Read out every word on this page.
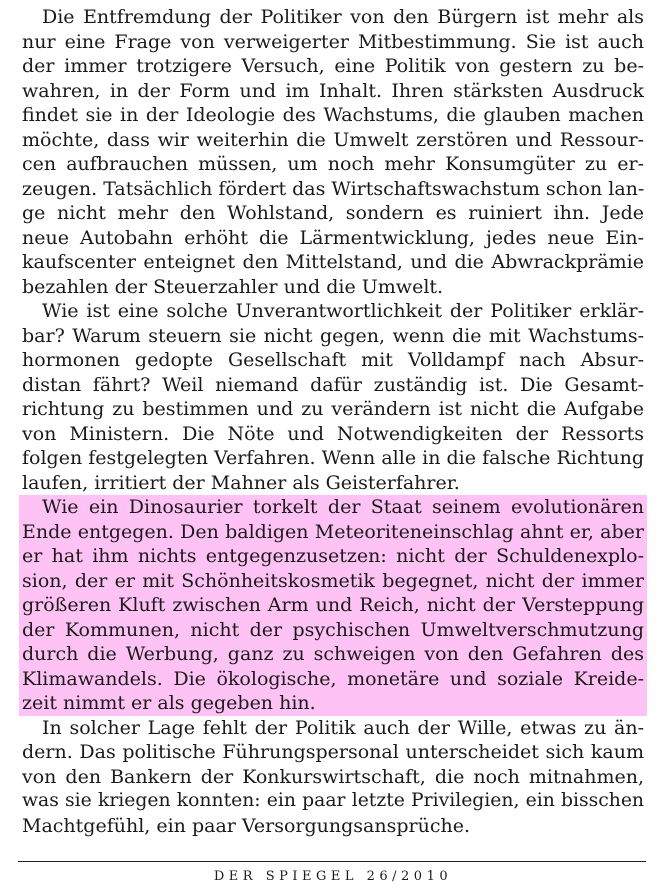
Die Entfremdung der Politiker von den Bürgern ist mehr als
nur eine Frage von verweigerter Mitbestimmung. Sie ist auch
der immer trotzigere Versuch, eine Politik von gestern zu be-
wahren, in der Form und im Inhalt. Ihren stärksten Ausdruck
findet sie in der Ideologie des Wachstums, die glauben machen
möchte, dass wir weiterhin die Umwelt zerstören und Ressour-
cen aufbrauchen müssen, um noch mehr Konsumgüter zu er-
zeugen. Tatsächlich fördert das Wirtschaftswachstum schon lan-
ge nicht mehr den Wohlstand, sondern es ruiniert ihn. Jede
neue Autobahn erhöht die Lärmentwicklung, jedes neue Ein-
kaufscenter enteignet den Mittelstand, und die Abwrackprämie
bezahlen der Steuerzahler und die Umwelt.
Wie ist eine solche Unverantwortlichkeit der Politiker erklär-
bar? Warum steuern sie nicht gegen, wenn die mit Wachstums-
hormonen gedopte Gesellschaft mit Volldampf nach Absur-
distan fährt? Weil niemand dafür zuständig ist. Die Gesamt-
richtung zu bestimmen und zu verändern ist nicht die Aufgabe
von Ministern. Die Nöte und Notwendigkeiten der Ressorts
folgen festgelegten Verfahren. Wenn alle in die falsche Richtung
laufen, irritiert der Mahner als Geisterfahrer.
Wie ein Dinosaurier torkelt der Staat seinem evolutionären
Ende entgegen. Den baldigen Meteoriteneinschlag ahnt er, aber
er hat ihm nichts entgegenzusetzen: nicht der Schuldenexplo-
sion, der er mit Schönheitskosmetik begegnet, nicht der immer
größeren Kluft zwischen Arm und Reich, nicht der Versteppung
der Kommunen, nicht der psychischen Umweltverschmutzung
durch die Werbung, ganz zu schweigen von den Gefahren des
Klimawandels. Die ökologische, monetäre und soziale Kreide-
zeit nimmt er als gegeben hin.
In solcher Lage fehlt der Politik auch der Wille, etwas zu än-
dern. Das politische Führungspersonal unterscheidet sich kaum
von den Bankern der Konkurswirtschaft, die noch mitnahmen,
was sie kriegen konnten: ein paar letzte Privilegien, ein bisschen
Machtgefühl, ein paar Versorgungsansprüche.
DER SPIEGEL 26/2010
